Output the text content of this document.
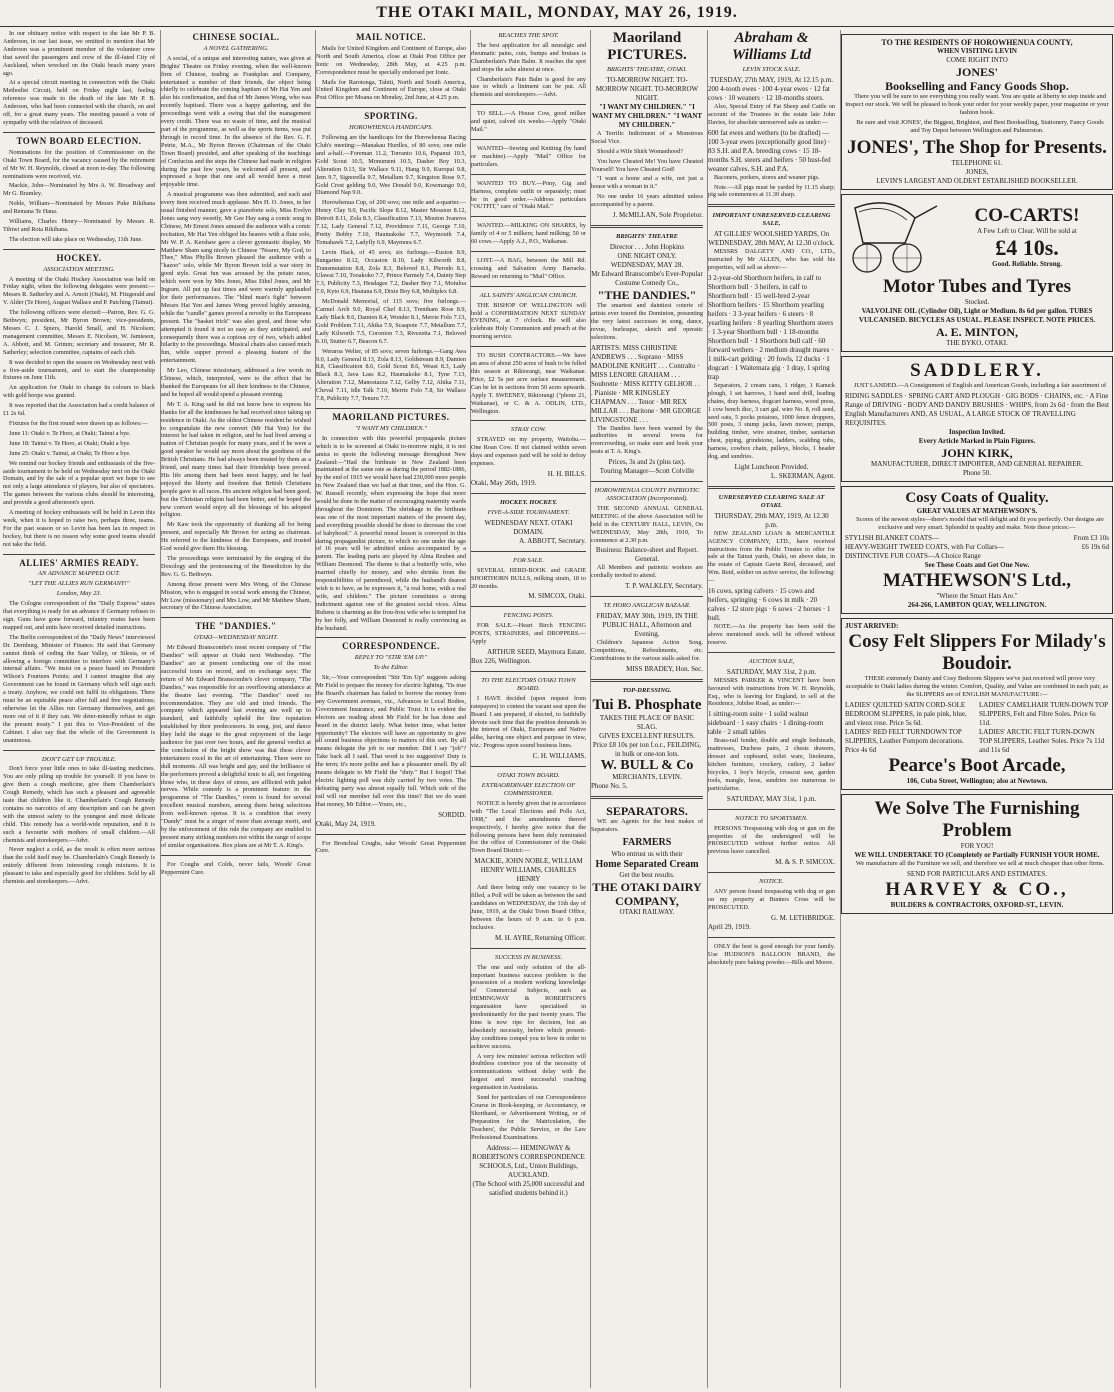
THE OTAKI MAIL, MONDAY, MAY 26, 1919.

In our obituary notice with respect to the late Mr P. B. Anderson, in our last issue, we omitted to mention that Mr Anderson was a prominent member of the volunteer crew that saved the passengers and crew of the ill-fated City of Auckland, when wrecked on the Otaki beach many years ago.

At a special circuit meeting in connection with the Otaki Methodist Circuit, held on Friday night last, feeling reference was made to the death of the late Mr P. B. Anderson, who had been connected with the church, on and off, for a great many years. The meeting passed a vote of sympathy with the relatives of deceased.

TOWN BOARD ELECTION.

Nominations for the position of Commissioner on the Otaki Town Board, for the vacancy caused by the retirement of Mr W. H. Reynolds, closed at noon to-day. The following nominations were received, viz.

Mackie, John—Nominated by Mrs A. W. Broadway and Mr G. Bramley.

Noble, William—Nominated by Messrs Puke Rikihana and Remana Te Hana.

Williams, Charles Henry—Nominated by Messrs R. Tihiwi and Rota Rikihana.

The election will take place on Wednesday, 11th June.

HOCKEY.
ASSOCIATION MEETING.

A meeting of the Otaki Hockey Association was held on Friday night, when the following delegates were present:—Messrs R. Satherley and A. Arnott (Otaki), M. Fitzgerald and V. Alder (Te Horo), August Wallace and P. Patching (Tainui).

The following officers were elected:—Patron, Rev. G. G. Bethwyn; president, Mr Byron Brown; vice-presidents, Messrs C. J. Spiers, Harold Small, and H. Nicolson; management committee, Messrs E. Nicolson, W. Jamieson, A. Abbott, and M. Grimm; secretary and treasurer, Mr R. Satherley; selection committee, captains of each club.

It was decided to open the season on Wednesday next with a five-aside tournament, and to start the championship fixtures on June 11th.

An application for Otaki to change its colours to black with gold hoops was granted.

It was reported that the Association had a credit balance of £1 2s 6d.

Fixtures for the first round were drawn up as follows:—

June 11: Otaki v. Te Horo, at Otaki; Tainui a bye.

June 18: Tainui v. Te Horo, at Otaki; Otaki a bye.

June 25: Otaki v. Tainui, at Otaki; Te Horo a bye.

We remind our hockey friends and enthusiasts of the five-aside tournament to be held on Wednesday next on the Otaki Domain, and by the sale of a popular sport we hope to see not only a large attendance of players, but also of spectators. The games between the various clubs should be interesting, and provide a good afternoon's sport.

A meeting of hockey enthusiasts will be held in Levin this week, when it is hoped to raise two, perhaps three, teams. For the past season or so Levin has been lax in respect to hockey, but there is no reason why some good teams should not take the field.

ALLIES' ARMIES READY.
AN ADVANCE MAPPED OUT.
"LET THE ALLIES RUN GERMANY!"
London, May 23.

The Cologne correspondent of the "Daily Express" states that everything is ready for an advance if Germany refuses to sign. Guns have gone forward, infantry routes have been mapped out, and units have received detailed instructions.

The Berlin correspondent of the "Daily News" interviewed Dr. Dernburg, Minister of Finance. He said that Germany cannot think of ceding the Saar Valley, or Silesia, or of allowing a foreign committee to interfere with Germany's internal affairs. "We insist on a peace based on President Wilson's Fourteen Points; and I cannot imagine that any Government can be found in Germany which will sign such a treaty. Anyhow, we could not fulfil its obligations. There must be an equitable peace after full and free negotiations; otherwise let the Allies run Germany themselves, and get more out of it if they can. We deter-minedly refuse to sign the present treaty." I put this to Vice-President of the Cabinet. I also say that the whole of the Government is unanimous.

DON'T GET UP TROUBLE.

Don't force your little ones to take ill-tasting medicines. You are only piling up trouble for yourself. If you have to give them a cough medicine, give them Chamberlain's Cough Remedy, which has such a pleasant and agreeable taste that children like it. Chamberlain's Cough Remedy contains no narcotics of any description and can be given with the utmost safety to the youngest and most delicate child. This remedy has a world-wide reputation, and it is such a favourite with mothers of small children.—All chemists and storekeepers.—Advt.

Never neglect a cold, as the result is often more serious than the cold itself may be. Chamberlain's Cough Remedy is entirely different from interesting cough mixtures. It is pleasant to take and especially good for children. Sold by all chemists and storekeepers.—Advt.

CHINESE SOCIAL.
A NOVEL GATHERING.

A social, of a unique and interesting nature, was given at Brights' Theatre on Friday evening, when the well-known firm of Chinese, trading as Frankplan and Company, entertained a number of their friends, the object being chiefly to celebrate the coming baptism of Mr Hai Yen and also his confirmation, and that of Mr James Wong, who was recently baptised. There was a happy gathering, and the proceedings went with a swing that did the management every credit. There was no waste of time, and the musical part of the programme, as well as the sports items, was put through in record time. In the absence of the Rev. G. F. Petrie, M.A., Mr Byron Brown (Chairman of the Otaki Town Board) presided, and after speaking of the teachings of Confucius and the steps the Chinese had made in religion during the past few years, he welcomed all present, and expressed a hope that one and all would have a most enjoyable time.

A musical programme was then submitted, and each and every item received much applause. Mrs H. O. Jones, in her usual finished manner, gave a pianoforte solo, Miss Evelyn Jones sang very sweetly, Mr Gee Hay sang a comic song in Chinese, Mr Ernest Jones amused the audience with a comic recitation, Mr Hai Yen obliged his hearers with a flute solo, Mr W. P. A. Kershaw gave a clever gymnastic display, Mr Matthew Sham sang nicely in Chinese "Nearer, My God, to Thee," Miss Phyllis Brown pleased the audience with a "kazoo" solo, while Mr Byron Brown told a war story in good style. Great fun was aroused by the potato races, which were won by Mrs Jones, Miss Ethel Jones, and Mr Ingram. All put up fast times and were warmly applauded for their performances. The "blind man's fight" between Messrs Hai Yen and James Wong proved highly amusing, while the "candle" games proved a novelty to the Europeans present. The "basket trick" was also good, and those who attempted it found it not so easy as they anticipated, and consequently there was a copious cry of two, which added hilarity to the proceedings. Musical chairs also caused much fun, while supper proved a pleasing feature of the entertainment.

Mr Leo, Chinese missionary, addressed a few words in Chinese, which, interpreted, were to the effect that he thanked the Europeans for all their kindness to the Chinese, and he hoped all would spend a pleasant evening.

Mr T. A. King said he did not know how to express his thanks for all the kindnesses he had received since taking up residence in Otaki. As the oldest Chinese resident he wished to congratulate the new convert (Mr Hai Yen) for the interest he had taken in religion, and he had lived among a nation of Christian people for many years, and if he were a good speaker he would say more about the goodness of the British Christians. He had always been treated by them as a friend, and many times had their friendship been proved. His life among them had been most happy, and he had enjoyed the liberty and freedom that British Christians people gave to all races. His ancient religion had been good, but the Christian religion had been better, and he hoped the new convert would enjoy all the blessings of his adopted religion.

Mr Kaw took the opportunity of thanking all for being present, and especially Mr Brown for acting as chairman. He referred to the kindness of the Europeans, and trusted God would give them His blessing.

The proceedings were terminated by the singing of the Doxology and the pronouncing of the Benediction by the Rev. G. G. Bethwyn.

Among those present were Mrs Wong, of the Chinese Mission, who is engaged in social work among the Chinese, Mr Low (missionary) and Mrs Low, and Mr Matthew Sham, secretary of the Chinese Association.

THE "DANDIES."
OTAKI—WEDNESDAY NIGHT.

Mr Edward Branscombe's most recent company of "The Dandies" will appear at Otaki next Wednesday. "The Dandies" are at present conducting one of the most successful tours on record, and on exchange says: The return of Mr Edward Branscombe's clever company, "The Dandies," was responsible for an overflowing attendance at the theatre last evening. "The Dandies" need no recommendation. They are old and tried friends. The company which appeared last evening are well up to standard, and faithfully upheld the fine reputation established by their predecessors. In song, jest, and dance they held the stage to the great enjoyment of the large audience for just over two hours, and the general verdict at the conclusion of the bright show was that these clever entertainers excel in the art of entertaining. There were no dull moments. All was bright and gay, and the brilliance of the performers proved a delightful tonic to all, not forgetting those who, in these days of stress, are afflicted with jaded nerves. While comedy is a prominent feature in the programme of "The Dandies," room is found for several excellent musical numbers, among them being selections from well-known operas. It is a condition that every "Dandy" must be a singer of more than average merit, and by the enforcement of this rule the company are enabled to present many striking numbers not within the range of scope of similar organisations. Box plans are at Mr T. A. King's.

For Coughs and Colds, never fails, Woods' Great Peppermint Cure.

MAIL NOTICE.

Mails for United Kingdom and Continent of Europe, also North and South America, close at Otaki Post Office per Ionic on Wednesday, 28th May, at 4.25 p.m. Correspondence must be specially endorsed per Ionic.

Mails for Rarotonga, Tahiti, North and South America, United Kingdom and Continent of Europe, close at Otaki Post Office per Moana on Monday, 2nd June, at 4.25 p.m.

SPORTING.
HOROWHENUA HANDICAPS.

Following are the handicaps for the Horowhenua Racing Club's meeting:—Manakau Hurdles, of 80 sovs; one mile and a-half.—Foreman 11.2, Torranto 10.6, Papanui 10.5, Gold Scout 10.5, Monument 10.5, Dasher Boy 10.3, Alteration 9.13, Sir Wallace 9.11, Hang 9.9, Kuropai 9.8, Jem 9.7, Signorella 9.7, Metallum 9.7, Kingston Rose 9.7, Gold Crest gelding 9.0, Wee Donald 9.0, Kowmango 9.0, Diamond Nap 9.0.

Horowhenua Cup, of 200 sovs; one mile and a-quarter.—Henry Clay 9.0, Pacific Slope 8.12, Master Mosston 8.12, Detroit 8.11, Zola 8.3, Classification 7.13, Mouton Ivanova 7.12, Lady General 7.12, Providence 7.11, George 7.10, Pretty Bobby 7.10, Haumakoke 7.7, Weymouth 7.4, Tomahawk 7.2, Ladyfly 6.9, Maymora 6.7.

Levin Hack, of 45 sovs; six furlongs.—Euston 8.9, Sungarino 8.12, Occasion 8.10, Lady Kilworth 8.8, Transmutation 8.8, Zola 8.3, Beloved 8.1, Pterodo 8.1, Ulawai 7.10, Tooakoko 7.7, Prince Parmely 7.4, Dainty Step 7.3, Publicity 7.3, Hesdagee 7.2, Dasher Boy 7.1, Motuloa 7.0, Kyto 6.9, Hautana 6.9, Dixie Boy 6.8, Multiplex 6.8.

McDonald Memorial, of 115 sovs; five furlongs.—Carmel Arch 9.0, Royal Chef 8.13, Trentham Rose 8.9, Lady Black 8.6, Damien 8.4, Wonder 8.1, Merrie Folo 7.13, Gold Problem 7.11, Ahika 7.9, Scaapote 7.7, Metallum 7.7, Lady Kilworth 7.5, Coronion 7.3, Rivezetta 7.1, Beloved 6.10, Stutter 6.7, Beacon 6.7.

Weraroa Welter, of 85 sovs; seven furlongs.—Gang Awa 9.0, Lady General 8.13, Zola 8.13, Goldstream 8.9, Damien 8.8, Classification 8.6, Gold Scout 8.6, Weast 8.3, Lady Black 8.3, Java Lass 8.2, Haumakoke 8.1, Tyne 7.13, Alteration 7.12, Manostazza 7.12, Gelby 7.12, Ahika 7.11, Cheval 7.11, Idle Talk 7.10, Merrie Folo 7.8, Sir Wallace 7.8, Publicity 7.7, Tenuru 7.7.

MAORILAND PICTURES.
"I WANT MY CHILDREN."

In connection with this powerful propaganda picture which is to be screened at Otaki to-morrow night, it is not amiss to quote the following message throughout New Zealand:—"Had the birthrate in New Zealand been maintained at the same rate as during the period 1882-1886, by the end of 1915 we would have had 230,000 more people in New Zealand than we had at that time, and the Hon. G. W. Russell recently, when expressing the hope that more would be done in the matter of encouraging maternity wards throughout the Dominion. The shrinkage in the birthrate was one of the most important matters of the present day, and everything possible should be done to decrease the cost of babyhood." A powerful moral lesson is conveyed in this daring propagandist picture, to which no one under the age of 16 years will be admitted unless accompanied by a parent. The leading parts are played by Alma Reuben and William Desmond. The theme is that a butterfly wife, who married chiefly for money, and who shrinks from the responsibilities of parenthood, while the husband's dearest wish is to have, as he expresses it, "a real home, with a real wife, and children." The picture constitutes a strong indictment against one of the greatest social vices. Alma Rubens is charming as the frou-frou wife who is tempted for by her folly, and William Desmond is really convincing as the husband.

CORRESPONDENCE.
REPLY TO "STIR 'EM UP."
To the Editor.

Sir,—Your correspondent "Stir 'Em Up" suggests asking Mr Field to prepare the money for electric lighting. 'Tis true the Board's chairman has failed to borrow the money from any Government avenues, viz., Advances to Local Bodies, Government Insurance, and Public Trust. It is evident the electors are reading about Mr Field for he has done and heard in the district lately. What better time, what better opportunity? The electors will have an opportunity to give all sound business objections to matters of this sort. By all means delegate the job to our member. Did I say "job"? Take back all I said. That word is too suggestive! Duty is the term; it's more polite and has a pleasanter smell. By all means delegate to Mr Field the "duty." But I forgot! That electric lighting poll was duly carried by two votes. The defeating party was almost equally full. Which side of the rail will our member fall over this time? But we do want that money, Mr Editor.—Yours, etc.,

SORDID.
Otaki, May 24, 1919.

For Bronchial Coughs, take Woods' Great Peppermint Cure.

BEACHES THE SPOT.

The best application for all neuralgic and rheumatic pains, cuts, bumps and bruises is Chamberlain's Pain Balm. It reaches the spot and stops the ache almost at once.

Chamberlain's Pain Balm is good for any use to which a liniment can be put. All chemists and storekeepers.—Advt.

TO SELL.—A House Cow, good milker and quiet, calved six weeks.—Apply "Otaki Mail."

WANTED—Sewing and Knitting (by hand or machine).—Apply "Mail" Office for particulars.

WANTED TO BUY.—Pony, Gig and Harness, complete outfit or separately; must be in good order.—Address particulars "OUTFIT," care of "Otaki Mail."

WANTED.—MILKING ON SHARES, by family of 4 or 5 milkers; hand milking; 50 or 60 cows.—Apply A.J., P.O., Waikanae.

LOST.—A BAG, between the Mill Rd. crossing and Salvation Army Barracks. Reward on returning to "Mail" Office.

ALL SAINTS' ANGLICAN CHURCH.

THE BISHOP OF WELLINGTON will hold a CONFIRMATION NEXT SUNDAY EVENING, at 7 o'clock. He will also celebrate Holy Communion and preach at the morning service.

TO BUSH CONTRACTORS.—We have an area of about 250 acres of bush to be felled this season at Rikiorangi, near Waikanae. Price, £2 5s per acre surface measurement. Can be let in sections from 50 acres upwards. Apply T. SWEENEY, Rikiorangi ("phone 21, Waikanae), or C. & A. ODLIN, LTD., Wellington.

STRAY COW.

STRAYED on my property, Waitohu.—One Roan Cow. If not claimed within seven days and expenses paid will be sold to defray expenses.

H. H. BILLS.
Otaki, May 26th, 1919.
HOCKEY. HOCKEY.
FIVE-A-SIDE TOURNAMENT.
WEDNESDAY NEXT. OTAKI DOMAIN.
A. ABBOTT, Secretary.
FOR SALE.

SEVERAL HERD-BOOK and GRADE SHORTHORN BULLS, milking strain, 18 to 20 months.

M. SIMCOX, Otaki.
FENCING POSTS.

FOR SALE.—Heart Birch FENCING POSTS, STRAINERS, and DROPPERS.—Apply

ARTHUR SEED, Maymora Estate.
Box 226, Wellington.
TO THE ELECTORS OTAKI TOWN BOARD.

I HAVE decided (upon request from ratepayers) to contest the vacant seat upon the Board. I am prepared, if elected, to faithfully devote such time that the position demands in the interest of Otaki, Europeans and Native alike, having one object and purpose in view, viz.: Progress upon sound business lines.

C. H. WILLIAMS.
OTAKI TOWN BOARD.
EXTRAORDINARY ELECTION OF COMMISSIONER.

NOTICE is hereby given that in accordance with "The Local Elections and Polls Act, 1908," and the amendments thereof respectively, I hereby give notice that the following persons have been duly nominated for the office of Commissioner of the Otaki Town Board District:—

MACKIE, JOHN NOBLE, WILLIAM HENRY WILLIAMS, CHARLES HENRY

And there being only one vacancy to be filled, a Poll will be taken as between the said candidates on WEDNESDAY, the 11th day of June, 1919, at the Otaki Town Board Office, between the hours of 9 a.m. to 6 p.m. inclusive.

M. H. AYRE, Returning Officer.
SUCCESS IN BUSINESS.

The one and only solution of the all-important business success problem is the possession of a modern working knowledge of Commercial Subjects, such as HEMINGWAY & ROBERTSON'S organisation have specialised in predominantly for the past twenty years. The time is now ripe for decision, but an absolutely necessity, before which present-day conditions compel you to bow in order to achieve success.

A very few minutes' serious reflection will doubtless convince you of the necessity of communications without delay with the largest and most successful coaching organisation in Australasia.

Send for particulars of our Correspondence Course in Book-keeping, or Accountancy, or Shorthand, or Advertisement Writing, or of Preparation for the Matriculation, the Teachers', the Public Service, or the Law Professional Examinations.

Address:— HEMINGWAY & ROBERTSON'S CORRESPONDENCE SCHOOLS, Ltd., Union Buildings, AUCKLAND.
(The School with 25,000 successful and satisfied students behind it.)
Maoriland PICTURES.
BRIGHTS' THEATRE, OTAKI.
TO-MORROW NIGHT. TO-MORROW NIGHT. TO-MORROW NIGHT.
"I WANT MY CHILDREN." "I WANT MY CHILDREN." "I WANT MY CHILDREN."

A Terrific Indictment of a Monstrous Social Vice.

Should a Wife Shirk Womanhood?

You have Cheated Me! You have Cheated Yourself! You have Cheated God!

"I want a home and a wife, not just a house with a woman in it."

No one under 16 years admitted unless accompanied by a parent.

J. McMILLAN, Sole Proprietor.
BRIGHTS' THEATRE
Director . . . John Hopkins
ONE NIGHT ONLY.
WEDNESDAY, MAY 28.
Mr Edward Branscombe's Ever-Popular Costume Comedy Co.,
"THE DANDIES."

The smartest and daintiest coterie of artists ever toured the Dominion, presenting the very latest successes in song, dance, revue, burlesque, sketch and operatic selections.

ARTISTS: MISS CHRISTINE ANDREWS . . . Soprano · MISS MADOLINE KNIGHT . . . Contralto · MISS LENORE GRAHAM . . . Soubrette · MISS KITTY GELHOR . . . Pianiste · MR KINGSLEY CHAPMAN . . . Tenor · MR REX MILLAR . . . Baritone · MR GEORGE LIVINGSTONE . . .

The Dandies have been warned by the authorities in several towns for overcrowding, so make sure and book your seats at T. A. King's.

Prices, 3s and 2s (plus tax).
Touring Manager—Scott Colville
HOROWHENUA COUNTY PATRIOTIC ASSOCIATION (Incorporated).

THE SECOND ANNUAL GENERAL MEETING of the above Association will be held in the CENTURY HALL, LEVIN, On WEDNESDAY, May 28th, 1919, To commence at 2.30 p.m.

Business: Balance-sheet and Report. General.

All Members and patriotic workers are cordially invited to attend.

T. P. WALKLEY, Secretary.
TE HORO ANGLICAN BAZAAR.
FRIDAY, MAY 30th, 1919, IN THE PUBLIC HALL, Afternoon and Evening.

Children's Japanese Action Song. Competitions, Refreshments, etc. Contributions to the various stalls asked for.

MISS BRADEY, Hon. Sec.
TOP-DRESSING.
Tui B. Phosphate
TAKES THE PLACE OF BASIC SLAG.
GIVES EXCELLENT RESULTS.
Price £8 10s per ton f.o.r., FEILDING, in bulk or one-ton lots.
W. BULL & Co
MERCHANTS, LEVIN.
Phone No. 5.
SEPARATORS.

WE are Agents for the best makes of Separators.

FARMERS
Who entrust us with their
Home Separated Cream
Get the best results.
THE OTAKI DAIRY COMPANY,
OTAKI RAILWAY.
Abraham & Williams Ltd
LEVIN STOCK SALE.
TUESDAY, 27th MAY, 1919, At 12.15 p.m.
200 4-tooth ewes · 100 4-year ewes · 12 fat cows · 10 weaners · 12 18-months steers.

Also, Special Entry of Fat Sheep and Cattle on account of the Trustees in the estate late John Davies, for absolute unreserved sale as under:—

600 fat ewes and wethers (to be drafted) —100 3-year ewes (exceptionally good line) · 83 S.H. and P.A. breeding cows · 15 18-months S.H. steers and heifers · 50 hust-fed weaner calves, S.H. and P.A.

Baconers, porkers, stores and weaner pigs.

Note.—All pigs must be yarded by 11.15 sharp; pig sale commences at 11.30 sharp.

IMPORTANT UNRESERVED CLEARING SALE,
AT GILLIES' WOOLSHED YARDS, On WEDNESDAY, 28th MAY, At 12.30 o'clock.

MESSRS DALGETY AND CO., LTD., instructed by Mr ALLEN, who has sold his properties, will sell as above:—

3 2-year-old Shorthorn heifers, in calf to Shorthorn bull · 3 heifers, in calf to Shorthorn bull · 15 well-bred 2-year Shorthorn heifers · 15 Shorthorn yearling heifers · 3 3-year heifers · 6 steers · 8 yearling heifers · 8 yearling Shorthorn steers · 1 3-year Shorthorn bull · 1 18-months Shorthorn bull · 1 Shorthorn bull calf · 60 forward wethers · 2 medium draught mares · 1 milk-cart gelding · 20 fowls, 12 ducks · 1 dogcart · 1 Waitemata gig · 1 dray, 1 spring trap

Separators, 2 cream cans, 1 ridger, 1 Kanuck plough, 1 set harrows, 1 hand seed drill, leading chains, dray harness, dogcart harness, wood press, 1 cow bench disc, 3 cart gal. wire No. 8, roll seed, seed oats, 5 pocks potatoes, 1000 fence droppers, 500 posts, 3 stump jacks, lawn mower, pumps, building timber, wire strainer, timber, sanitarian chest, piping, grindstone, ladders, scalding tubs, harness, cowbox chain, pulleys, blocks, 1 header dog, and sundries.

Light Luncheon Provided.
L. SKERMAN, Agent.
UNRESERVED CLEARING SALE AT OTAKI.
THURSDAY, 29th MAY, 1919, At 12.30 p.m.

NEW ZEALAND LOAN & MERCANTILE AGENCY COMPANY, LTD., have received instructions from the Public Trustee to offer for sale at the Tainui yards, Otaki, on above date, in the estate of Captain Gavin Reid, deceased, and Wm. Reid, soldier on active service, the following:—

16 cows, spring calvers · 15 cows and heifers, springing · 6 cows in milk · 20 calves · 12 store pigs · 6 sows · 2 horses · 1 bull.

NOTE.—As the property has been sold the above mentioned stock will be offered without reserve.

AUCTION SALE,
SATURDAY, MAY 31st, 2 p.m.

MESSRS PARKER & VINCENT have been favoured with instructions from W. H. Reynolds, Esq., who is leaving for England, to sell at the Residence, Jubilee Road, as under:—

1 sitting-room suite · 1 solid walnut sideboard · 1 easy chairs · 1 dining-room table · 2 small tables

Brass-rail fender, double and single bedsteads, mattresses, Duchess pairs, 2 chests drawers, dresser and cupboard, toilet ware, linoleums, kitchen furniture, crockery, cutlery, 2 ladies' bicycles, 1 boy's bicycle, crosscut saw, garden tools, mangle, hose, sundries too numerous to particularise.

SATURDAY, MAY 31st, 1 p.m.
NOTICE TO SPORTSMEN.

PERSONS Trespassing with dog or gun on the properties of the undersigned will be PROSECUTED without further notice. All previous leave cancelled.

M. & S. P. SIMCOX.
NOTICE.

ANY person found trespassing with dog or gun on my property at Bunters Cross will be PROSECUTED.

G. M. LETHBRIDGE.
April 29, 1919.

ONLY the best is good enough for your family. Use HUDSON'S BALLOON BRAND, the absolutely pure baking powder.—Bills and Moore.

TO THE RESIDENTS OF HOROWHENUA COUNTY,
WHEN VISITING LEVIN
COME RIGHT INTO
JONES'
Bookselling and Fancy Goods Shop.

There you will be sure to see everything you really want. You are quite at liberty to step inside and inspect our stock. We will be pleased to book your order for your weekly paper, your magazine or your fashion book.

Be sure and visit JONES', the Biggest, Brightest, and Best Bookselling, Stationery, Fancy Goods and Toy Depot between Wellington and Palmerston.

JONES', The Shop for Presents.
TELEPHONE 61.
JONES,
LEVIN'S LARGEST AND OLDEST ESTABLISHED BOOKSELLER.
CO-CARTS!
A Few Left to Clear. Will be sold at
£4 10s.
Good. Reliable. Strong.
Motor Tubes and Tyres
Stocked.
VALVOLINE OIL (Cylinder Oil), Light or Medium. 8s 6d per gallon. TUBES VULCANISED. BICYCLES AS USUAL. PLEASE INSPECT. NOTE PRICES.
A. E. MINTON,
THE BYKO, OTAKI.
SADDLERY.

JUST LANDED.—A Consignment of English and American Goods, including a fair assortment of

RIDING SADDLES · SPRING CART AND PLOUGH · GIG BODS · CHAINS, etc. · A Fine Range of DRIVING · BODY AND DANDY BRUSHES · WHIPS, from 2s 6d · from the Best English Manufacturers AND, AS USUAL, A LARGE STOCK OF TRAVELLING REQUISITES.
Inspection Invited.
Every Article Marked in Plain Figures.
JOHN KIRK,
MANUFACTURER, DIRECT IMPORTER, AND GENERAL REPAIRER.
Phone 50.
Cosy Coats of Quality.
GREAT VALUES AT MATHEWSON'S.

Scores of the newest styles—there's model that will delight and fit you perfectly. Our designs are exclusive and very smart. Splendid in quality and make. Note these prices:—

STYLISH BLANKET COATS—	From £3 10s
HEAVY-WEIGHT TWEED COATS, with Fur Collars—	£6 19s 6d
DISTINCTIVE FUR COATS—A Choice Range
See These Coats and Get One Now.
MATHEWSON'S Ltd.,
"Where the Smart Hats Are."
264-266, LAMBTON QUAY, WELLINGTON.
JUST ARRIVED:
Cosy Felt Slippers For Milady's Boudoir.

THESE extremely Dainty and Cosy Bedroom Slippers we've just received will prove very acceptable to Otaki ladies during the winter. Comfort, Quality, and Value are combined in each pair, as the SLIPPERS are of ENGLISH MANUFACTURE:—

LADIES' QUILTED SATIN CORD-SOLE BEDROOM SLIPPERS, in pale pink, blue, and vieux rose. Price 5s 6d.
LADIES' CAMELHAIR TURN-DOWN TOP SLIPPERS, Felt and Fibre Soles. Price 6s 11d.
LADIES' RED FELT TURNDOWN TOP SLIPPERS, Leather Pompom decorations. Price 4s 6d
LADIES' ARCTIC FELT TURN-DOWN TOP SLIPPERS, Leather Soles. Price 7s 11d and 11s 6d
Pearce's Boot Arcade,
106, Cuba Street, Wellington; also at Newtown.
We Solve The Furnishing Problem
FOR YOU!
WE WILL UNDERTAKE TO {Completely or Partially FURNISH YOUR HOME.

We manufacture all the Furniture we sell, and therefore we sell at much cheaper than other firms.

SEND FOR PARTICULARS AND ESTIMATES.
HARVEY & CO.,
BUILDERS & CONTRACTORS, OXFORD-ST., LEVIN.
